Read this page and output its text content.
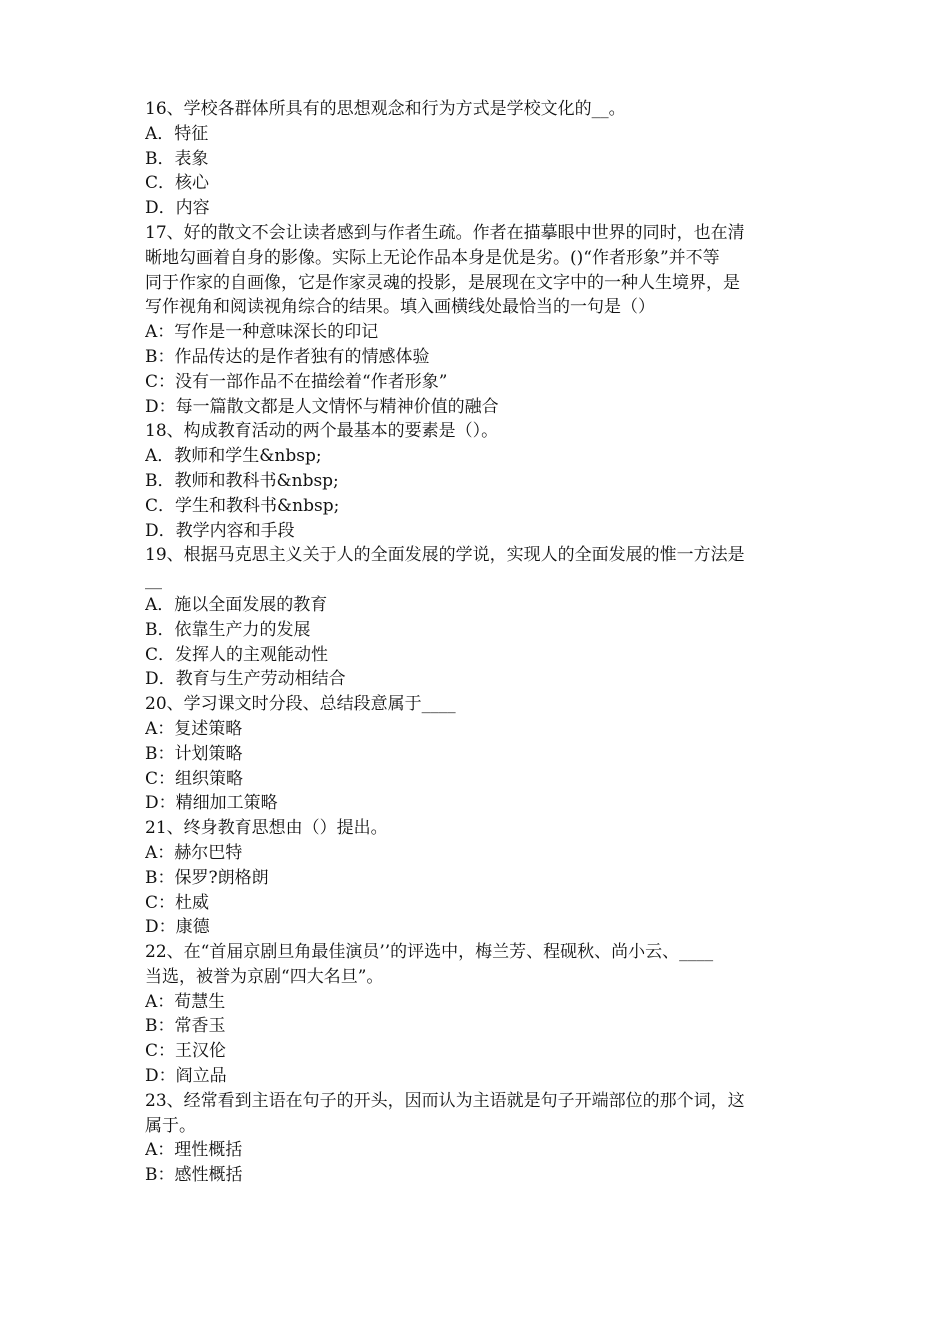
16、学校各群体所具有的思想观念和行为方式是学校文化的__。
A．特征
B．表象
C．核心
D．内容
17、好的散文不会让读者感到与作者生疏。作者在描摹眼中世界的同时，也在清
晰地勾画着自身的影像。实际上无论作品本身是优是劣。()“作者形象”并不等
同于作家的自画像，它是作家灵魂的投影，是展现在文字中的一种人生境界，是
写作视角和阅读视角综合的结果。填入画横线处最恰当的一句是（）
A：写作是一种意味深长的印记
B：作品传达的是作者独有的情感体验
C：没有一部作品不在描绘着“作者形象”
D：每一篇散文都是人文情怀与精神价值的融合
18、构成教育活动的两个最基本的要素是（）。
A．教师和学生&nbsp;
B．教师和教科书&nbsp;
C．学生和教科书&nbsp;
D．教学内容和手段
19、根据马克思主义关于人的全面发展的学说，实现人的全面发展的惟一方法是
__
A．施以全面发展的教育
B．依靠生产力的发展
C．发挥人的主观能动性
D．教育与生产劳动相结合
20、学习课文时分段、总结段意属于____
A：复述策略
B：计划策略
C：组织策略
D：精细加工策略
21、终身教育思想由（）提出。
A：赫尔巴特
B：保罗?朗格朗
C：杜威
D：康德
22、在“首届京剧旦角最佳演员’’的评选中，梅兰芳、程砚秋、尚小云、____
当选，被誉为京剧“四大名旦”。
A：荀慧生
B：常香玉
C：王汉伦
D：阎立品
23、经常看到主语在句子的开头，因而认为主语就是句子开端部位的那个词，这
属于。
A：理性概括
B：感性概括
